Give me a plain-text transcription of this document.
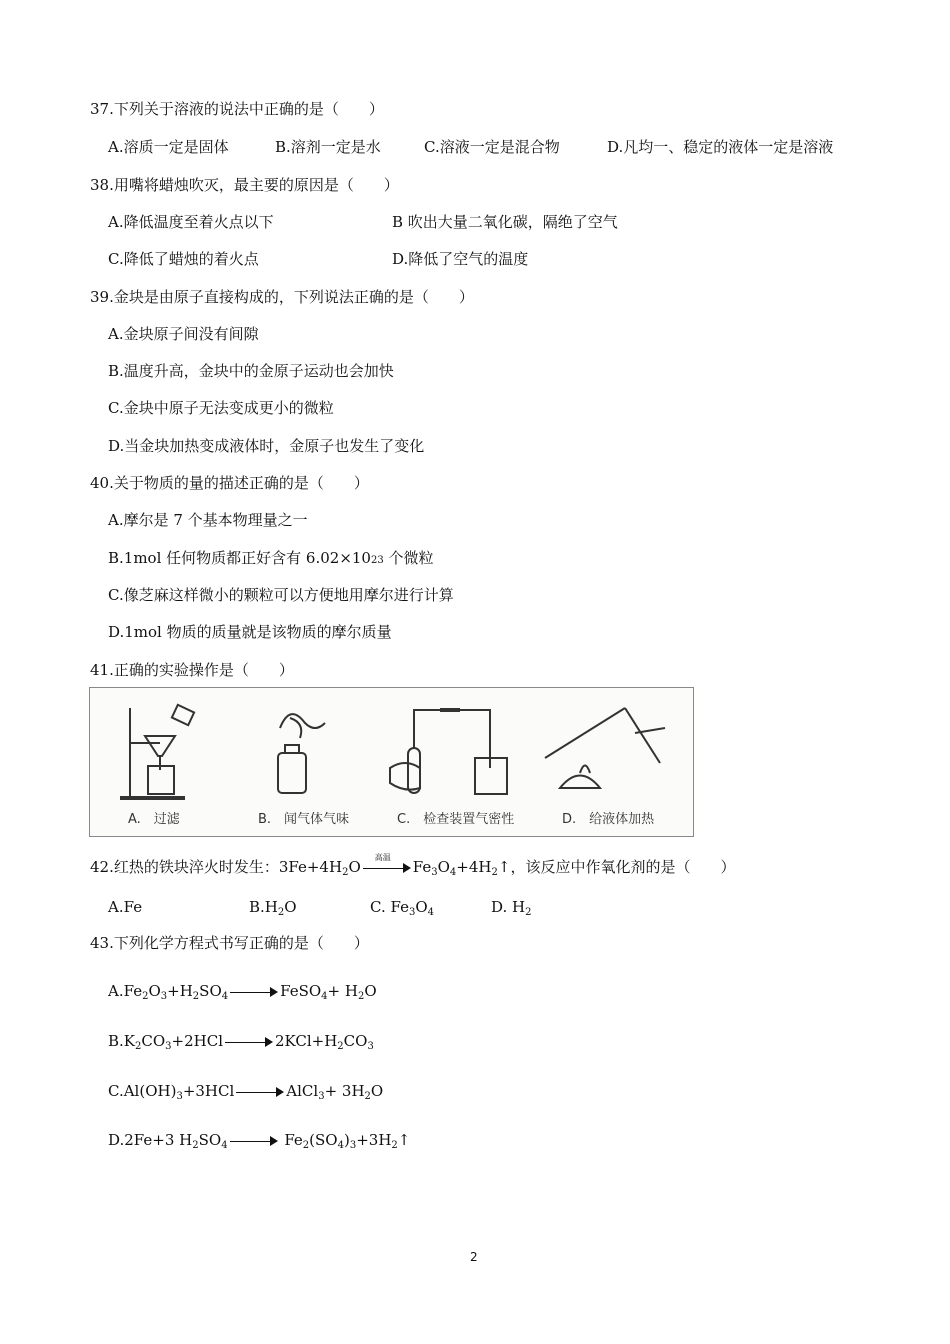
37.下列关于溶液的说法中正确的是（　　）
A.溶质一定是固体	B.溶剂一定是水	C.溶液一定是混合物	D.凡均一、稳定的液体一定是溶液
38.用嘴将蜡烛吹灭，最主要的原因是（　　）
A.降低温度至着火点以下	B 吹出大量二氧化碳，隔绝了空气
C.降低了蜡烛的着火点	D.降低了空气的温度
39.金块是由原子直接构成的，下列说法正确的是（　　）
A.金块原子间没有间隙
B.温度升高，金块中的金原子运动也会加快
C.金块中原子无法变成更小的微粒
D.当金块加热变成液体时，金原子也发生了变化
40.关于物质的量的描述正确的是（　　）
A.摩尔是 7 个基本物理量之一
B.1mol 任何物质都正好含有 6.02×1023 个微粒
C.像芝麻这样微小的颗粒可以方便地用摩尔进行计算
D.1mol 物质的质量就是该物质的摩尔质量
41.正确的实验操作是（　　）
A.　过滤	B.　闻气体气味	C.　检查装置气密性	D.　给液体加热
42.红热的铁块淬火时发生：$3Fe+4H_2O$
高温
$Fe_3O_4+4H_2↑$，该反应中作氧化剂的是（　　）
A.Fe	$B.H_2O$	C. $Fe_3O_4$	D. $H_2$
43.下列化学方程式书写正确的是（　　）
$A.Fe_2O_3+H_2SO_4$	FeSO$_4$+ $H_2O$
$B.K_2CO_3+2HCl$	$2KCl+H_2CO_3$
$C.Al(OH)_3+3HCl$	AlCl$_3$+ $3H_2O$
D.2Fe+3 $H_2SO_4$	$Fe_2(SO_4)_3+3H_2↑$
2
